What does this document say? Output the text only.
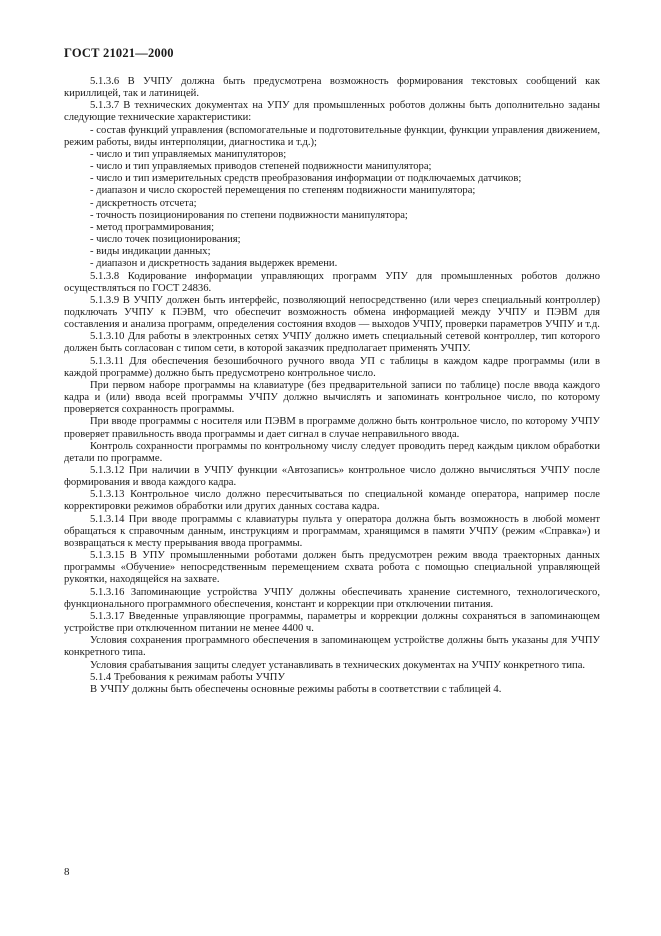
ГОСТ 21021—2000

5.1.3.6 В УЧПУ должна быть предусмотрена возможность формирования текстовых сообщений как кириллицей, так и латиницей.

5.1.3.7 В технических документах на УПУ для промышленных роботов должны быть дополнительно заданы следующие технические характеристики:

- состав функций управления (вспомогательные и подготовительные функции, функции управления движением, режим работы, виды интерполяции, диагностика и т.д.);

- число и тип управляемых манипуляторов;

- число и тип управляемых приводов степеней подвижности манипулятора;

- число и тип измерительных средств преобразования информации от подключаемых датчиков;

- диапазон и число скоростей перемещения по степеням подвижности манипулятора;

- дискретность отсчета;

- точность позиционирования по степени подвижности манипулятора;

- метод программирования;

- число точек позиционирования;

- виды индикации данных;

- диапазон и дискретность задания выдержек времени.

5.1.3.8 Кодирование информации управляющих программ УПУ для промышленных роботов должно осуществляться по ГОСТ 24836.

5.1.3.9 В УЧПУ должен быть интерфейс, позволяющий непосредственно (или через специальный контроллер) подключать УЧПУ к ПЭВМ, что обеспечит возможность обмена информацией между УЧПУ и ПЭВМ для составления и анализа программ, определения состояния входов — выходов УЧПУ, проверки параметров УЧПУ и т.д.

5.1.3.10 Для работы в электронных сетях УЧПУ должно иметь специальный сетевой контроллер, тип которого должен быть согласован с типом сети, в которой заказчик предполагает применять УЧПУ.

5.1.3.11 Для обеспечения безошибочного ручного ввода УП с таблицы в каждом кадре программы (или в каждой программе) должно быть предусмотрено контрольное число.

При первом наборе программы на клавиатуре (без предварительной записи по таблице) после ввода каждого кадра и (или) ввода всей программы УЧПУ должно вычислять и запоминать контрольное число, по которому проверяется сохранность программы.

При вводе программы с носителя или ПЭВМ в программе должно быть контрольное число, по которому УЧПУ проверяет правильность ввода программы и дает сигнал в случае неправильного ввода.

Контроль сохранности программы по контрольному числу следует проводить перед каждым циклом обработки детали по программе.

5.1.3.12 При наличии в УЧПУ функции «Автозапись» контрольное число должно вычисляться УЧПУ после формирования и ввода каждого кадра.

5.1.3.13 Контрольное число должно пересчитываться по специальной команде оператора, например после корректировки режимов обработки или других данных состава кадра.

5.1.3.14 При вводе программы с клавиатуры пульта у оператора должна быть возможность в любой момент обращаться к справочным данным, инструкциям и программам, хранящимся в памяти УЧПУ (режим «Справка») и возвращаться к месту прерывания ввода программы.

5.1.3.15 В УПУ промышленными роботами должен быть предусмотрен режим ввода траекторных данных программы «Обучение» непосредственным перемещением схвата робота с помощью специальной управляющей рукоятки, находящейся на захвате.

5.1.3.16 Запоминающие устройства УЧПУ должны обеспечивать хранение системного, технологического, функционального программного обеспечения, констант и коррекции при отключении питания.

5.1.3.17 Введенные управляющие программы, параметры и коррекции должны сохраняться в запоминающем устройстве при отключенном питании не менее 4400 ч.

Условия сохранения программного обеспечения в запоминающем устройстве должны быть указаны для УЧПУ конкретного типа.

Условия срабатывания защиты следует устанавливать в технических документах на УЧПУ конкретного типа.

5.1.4 Требования к режимам работы УЧПУ

В УЧПУ должны быть обеспечены основные режимы работы в соответствии с таблицей 4.

8
